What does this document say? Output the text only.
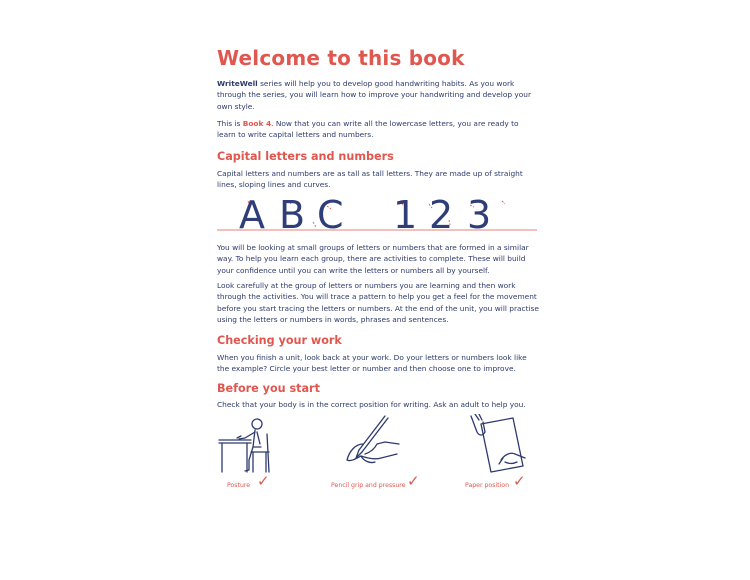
Welcome to this book

WriteWell series will help you to develop good handwriting habits. As you work through the series, you will learn how to improve your handwriting and develop your own style.

This is Book 4. Now that you can write all the lowercase letters, you are ready to learn to write capital letters and numbers.

Capital letters and numbers

Capital letters and numbers are as tall as tall letters. They are made up of straight lines, sloping lines and curves.

A B C 1 2 3

You will be looking at small groups of letters or numbers that are formed in a similar way. To help you learn each group, there are activities to complete. These will build your confidence until you can write the letters or numbers all by yourself.

Look carefully at the group of letters or numbers you are learning and then work through the activities. You will trace a pattern to help you get a feel for the movement before you start tracing the letters or numbers. At the end of the unit, you will practise using the letters or numbers in words, phrases and sentences.

Checking your work

When you finish a unit, look back at your work. Do your letters or numbers look like the example? Circle your best letter or number and then choose one to improve.

Before you start

Check that your body is in the correct position for writing. Ask an adult to help you.

Posture ✓	Pencil grip and pressure ✓	Paper position ✓
